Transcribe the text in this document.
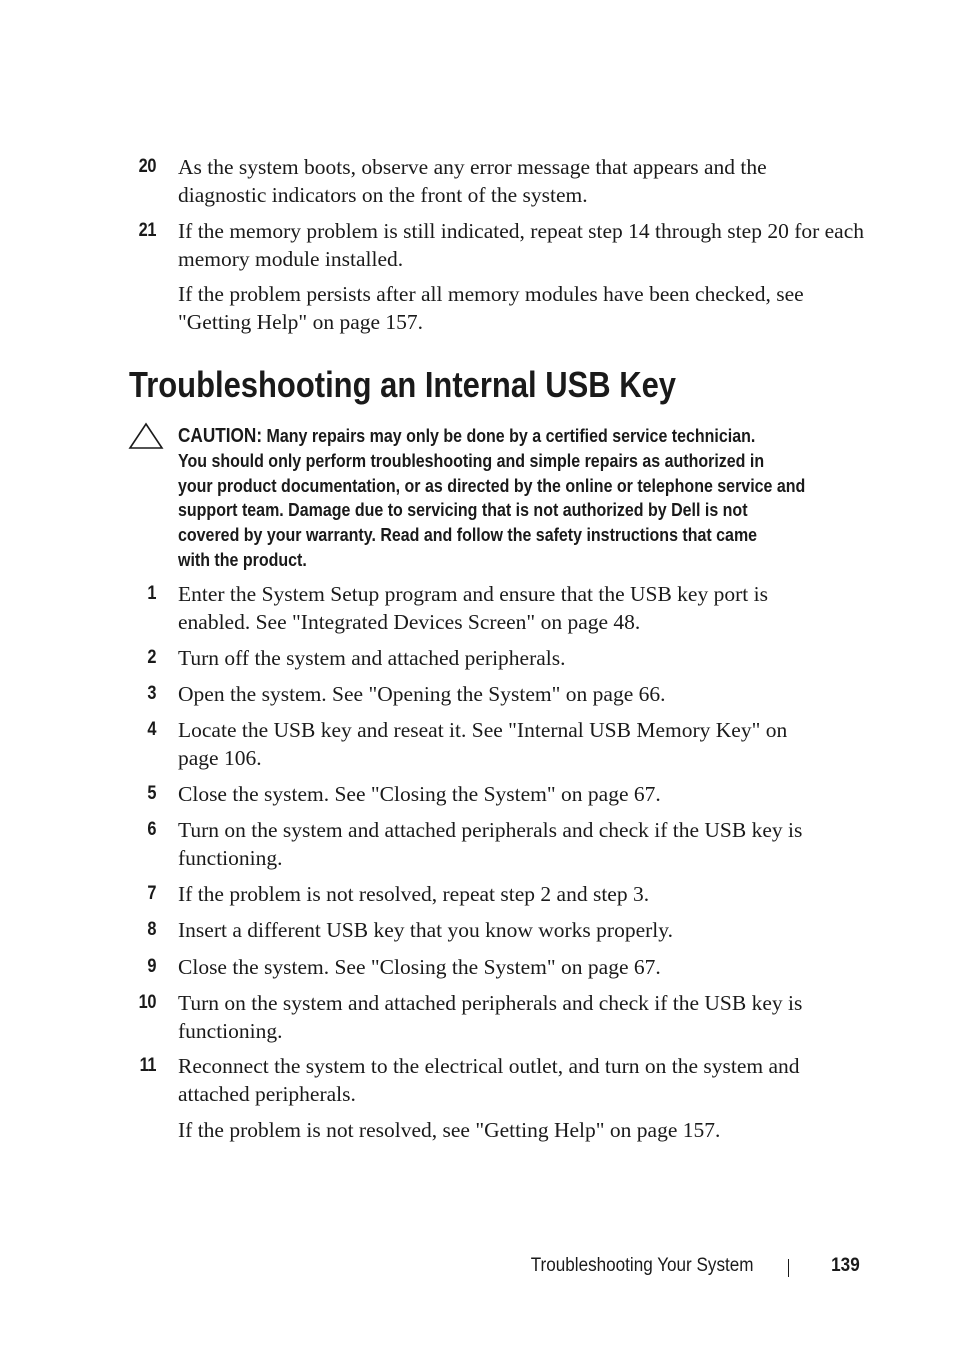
20 As the system boots, observe any error message that appears and the diagnostic indicators on the front of the system.
21 If the memory problem is still indicated, repeat step 14 through step 20 for each memory module installed.
If the problem persists after all memory modules have been checked, see "Getting Help" on page 157.
Troubleshooting an Internal USB Key
CAUTION: Many repairs may only be done by a certified service technician.
You should only perform troubleshooting and simple repairs as authorized in
your product documentation, or as directed by the online or telephone service and
support team. Damage due to servicing that is not authorized by Dell is not
covered by your warranty. Read and follow the safety instructions that came
with the product.
1 Enter the System Setup program and ensure that the USB key port is enabled. See "Integrated Devices Screen" on page 48.
2 Turn off the system and attached peripherals.
3 Open the system. See "Opening the System" on page 66.
4 Locate the USB key and reseat it. See "Internal USB Memory Key" on page 106.
5 Close the system. See "Closing the System" on page 67.
6 Turn on the system and attached peripherals and check if the USB key is functioning.
7 If the problem is not resolved, repeat step 2 and step 3.
8 Insert a different USB key that you know works properly.
9 Close the system. See "Closing the System" on page 67.
10 Turn on the system and attached peripherals and check if the USB key is functioning.
11 Reconnect the system to the electrical outlet, and turn on the system and attached peripherals.
If the problem is not resolved, see "Getting Help" on page 157.
Troubleshooting Your System	139
